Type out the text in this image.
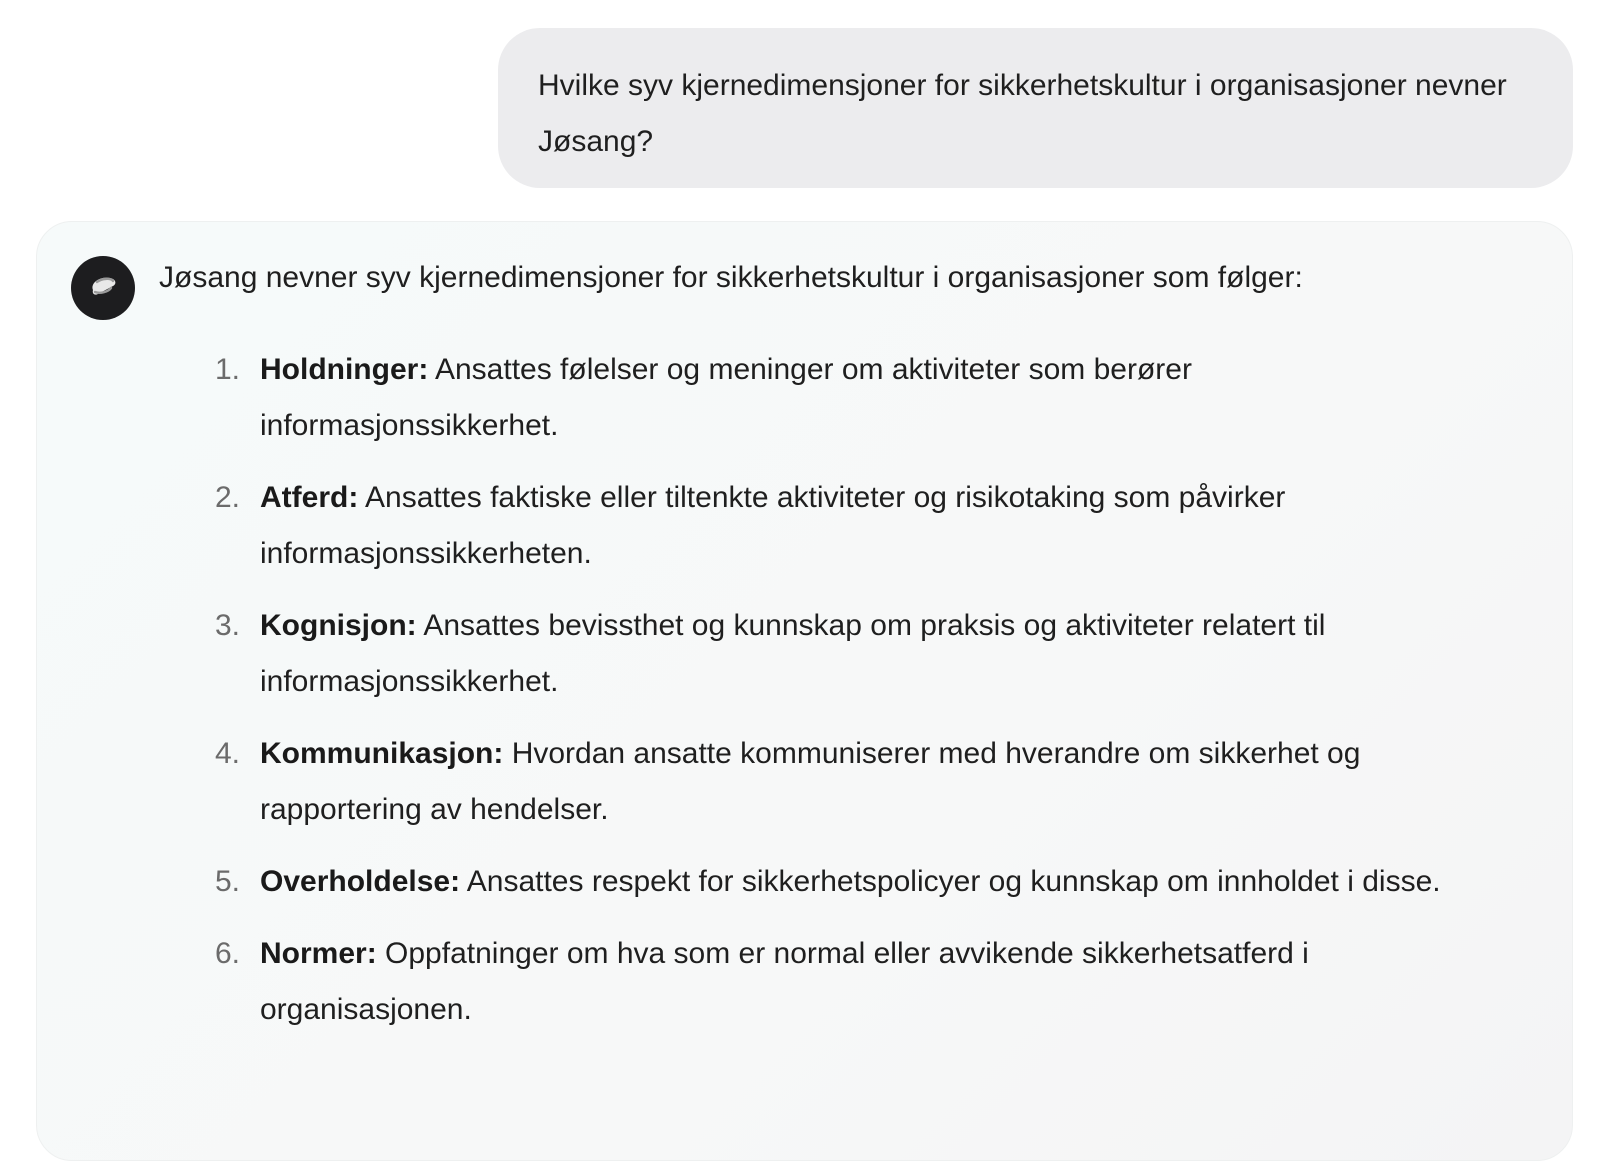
Hvilke syv kjernedimensjoner for sikkerhetskultur i organisasjoner nevner Jøsang?
Jøsang nevner syv kjernedimensjoner for sikkerhetskultur i organisasjoner som følger:
1. Holdninger: Ansattes følelser og meninger om aktiviteter som berører informasjonssikkerhet.
2. Atferd: Ansattes faktiske eller tiltenkte aktiviteter og risikotaking som påvirker informasjonssikkerheten.
3. Kognisjon: Ansattes bevissthet og kunnskap om praksis og aktiviteter relatert til informasjonssikkerhet.
4. Kommunikasjon: Hvordan ansatte kommuniserer med hverandre om sikkerhet og rapportering av hendelser.
5. Overholdelse: Ansattes respekt for sikkerhetspolicyer og kunnskap om innholdet i disse.
6. Normer: Oppfatninger om hva som er normal eller avvikende sikkerhetsatferd i organisasjonen.
